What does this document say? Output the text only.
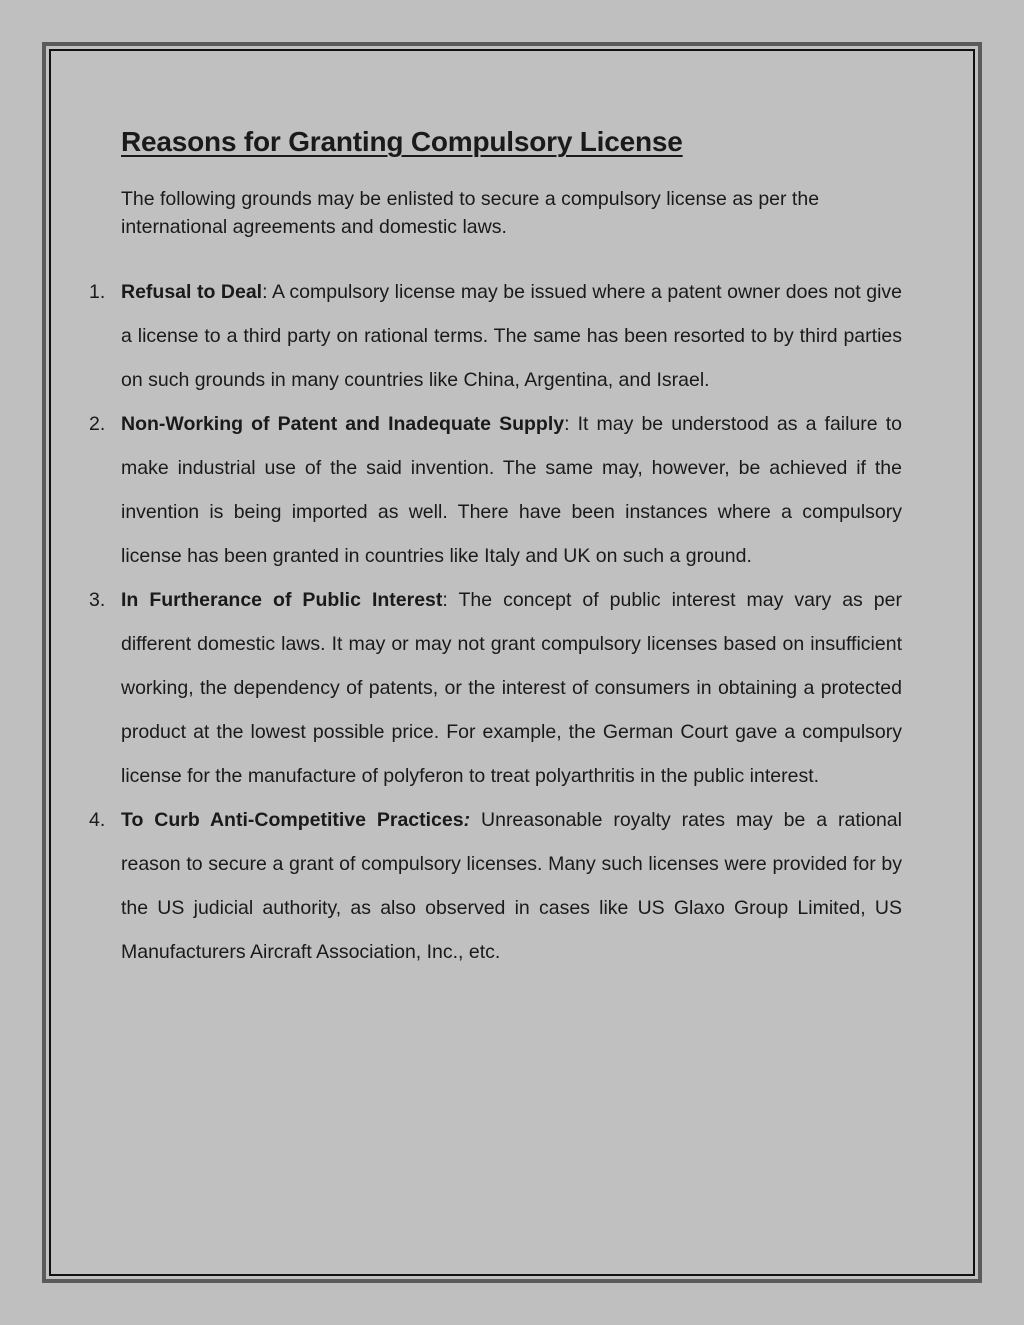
Reasons for Granting Compulsory License

The following grounds may be enlisted to secure a compulsory license as per the international agreements and domestic laws.

1. Refusal to Deal: A compulsory license may be issued where a patent owner does not give a license to a third party on rational terms. The same has been resorted to by third parties on such grounds in many countries like China, Argentina, and Israel.
2. Non-Working of Patent and Inadequate Supply: It may be understood as a failure to make industrial use of the said invention. The same may, however, be achieved if the invention is being imported as well. There have been instances where a compulsory license has been granted in countries like Italy and UK on such a ground.
3. In Furtherance of Public Interest: The concept of public interest may vary as per different domestic laws. It may or may not grant compulsory licenses based on insufficient working, the dependency of patents, or the interest of consumers in obtaining a protected product at the lowest possible price. For example, the German Court gave a compulsory license for the manufacture of polyferon to treat polyarthritis in the public interest.
4. To Curb Anti-Competitive Practices: Unreasonable royalty rates may be a rational reason to secure a grant of compulsory licenses. Many such licenses were provided for by the US judicial authority, as also observed in cases like US Glaxo Group Limited, US Manufacturers Aircraft Association, Inc., etc.
